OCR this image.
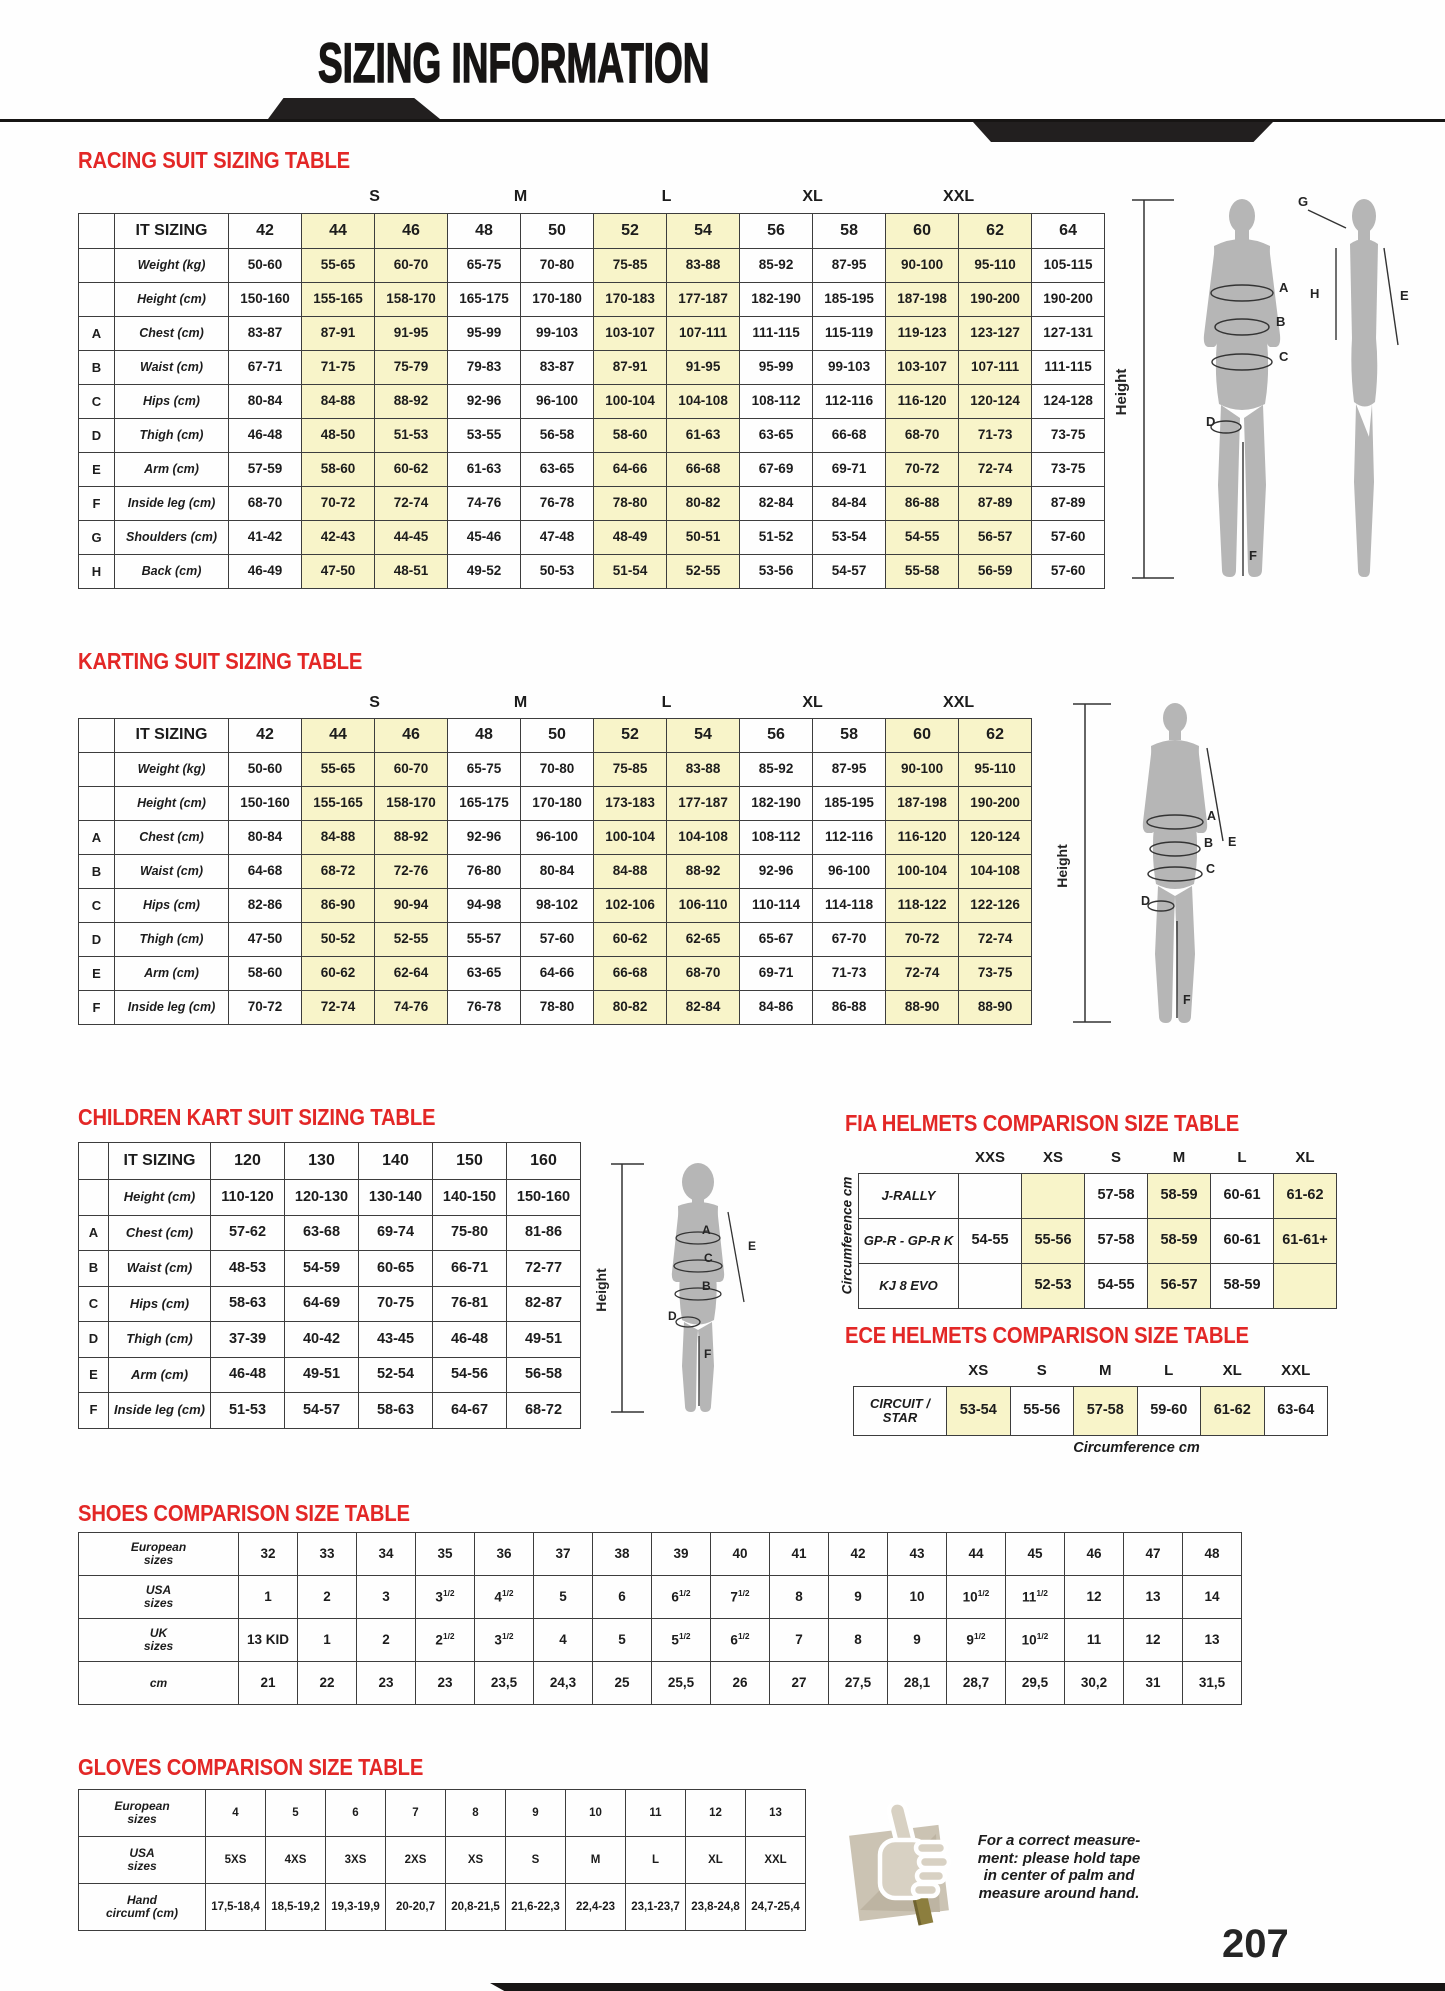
SIZING INFORMATION
RACING SUIT SIZING TABLE
			S		M		L		XL		XXL		
	IT SIZING	42	44	46	48	50	52	54	56	58	60	62	64
	Weight (kg)	50-60	55-65	60-70	65-75	70-80	75-85	83-88	85-92	87-95	90-100	95-110	105-115
	Height (cm)	150-160	155-165	158-170	165-175	170-180	170-183	177-187	182-190	185-195	187-198	190-200	190-200
A	Chest (cm)	83-87	87-91	91-95	95-99	99-103	103-107	107-111	111-115	115-119	119-123	123-127	127-131
B	Waist (cm)	67-71	71-75	75-79	79-83	83-87	87-91	91-95	95-99	99-103	103-107	107-111	111-115
C	Hips (cm)	80-84	84-88	88-92	92-96	96-100	100-104	104-108	108-112	112-116	116-120	120-124	124-128
D	Thigh (cm)	46-48	48-50	51-53	53-55	56-58	58-60	61-63	63-65	66-68	68-70	71-73	73-75
E	Arm (cm)	57-59	58-60	60-62	61-63	63-65	64-66	66-68	67-69	69-71	70-72	72-74	73-75
F	Inside leg (cm)	68-70	70-72	72-74	74-76	76-78	78-80	80-82	82-84	84-84	86-88	87-89	87-89
G	Shoulders (cm)	41-42	42-43	44-45	45-46	47-48	48-49	50-51	51-52	53-54	54-55	56-57	57-60
H	Back (cm)	46-49	47-50	48-51	49-52	50-53	51-54	52-55	53-56	54-57	55-58	56-59	57-60
Height
A
B
C
D
F
G
H	E
KARTING SUIT SIZING TABLE
			S		M		L		XL		XXL	
	IT SIZING	42	44	46	48	50	52	54	56	58	60	62
	Weight (kg)	50-60	55-65	60-70	65-75	70-80	75-85	83-88	85-92	87-95	90-100	95-110
	Height (cm)	150-160	155-165	158-170	165-175	170-180	173-183	177-187	182-190	185-195	187-198	190-200
A	Chest (cm)	80-84	84-88	88-92	92-96	96-100	100-104	104-108	108-112	112-116	116-120	120-124
B	Waist (cm)	64-68	68-72	72-76	76-80	80-84	84-88	88-92	92-96	96-100	100-104	104-108
C	Hips (cm)	82-86	86-90	90-94	94-98	98-102	102-106	106-110	110-114	114-118	118-122	122-126
D	Thigh (cm)	47-50	50-52	52-55	55-57	57-60	60-62	62-65	65-67	67-70	70-72	72-74
E	Arm (cm)	58-60	60-62	62-64	63-65	64-66	66-68	68-70	69-71	71-73	72-74	73-75
F	Inside leg (cm)	70-72	72-74	74-76	76-78	78-80	80-82	82-84	84-86	86-88	88-90	88-90
Height
A
B
C
D
E
F
CHILDREN KART SUIT SIZING TABLE
	IT SIZING	120	130	140	150	160
	Height (cm)	110-120	120-130	130-140	140-150	150-160
A	Chest (cm)	57-62	63-68	69-74	75-80	81-86
B	Waist (cm)	48-53	54-59	60-65	66-71	72-77
C	Hips (cm)	58-63	64-69	70-75	76-81	82-87
D	Thigh (cm)	37-39	40-42	43-45	46-48	49-51
E	Arm (cm)	46-48	49-51	52-54	54-56	56-58
F	Inside leg (cm)	51-53	54-57	58-63	64-67	68-72
Height
A
C
B
D
E
F
FIA HELMETS COMPARISON SIZE TABLE
Circumference cm
	XXS	XS	S	M	L	XL
J-RALLY			57-58	58-59	60-61	61-62
GP-R - GP-R K	54-55	55-56	57-58	58-59	60-61	61-61+
KJ 8 EVO		52-53	54-55	56-57	58-59	
ECE HELMETS COMPARISON SIZE TABLE
	XS	S	M	L	XL	XXL
CIRCUIT /
STAR	53-54	55-56	57-58	59-60	61-62	63-64
Circumference cm
SHOES COMPARISON SIZE TABLE
European
sizes	32	33	34	35	36	37	38	39	40	41	42	43	44	45	46	47	48
USA
sizes	1	2	3	$3^{1/2}$	$4^{1/2}$	5	6	$6^{1/2}$	$7^{1/2}$	8	9	10	$10^{1/2}$	$11^{1/2}$	12	13	14
UK
sizes	13 KID	1	2	$2^{1/2}$	$3^{1/2}$	4	5	$5^{1/2}$	$6^{1/2}$	7	8	9	$9^{1/2}$	$10^{1/2}$	11	12	13
cm	21	22	23	23	23,5	24,3	25	25,5	26	27	27,5	28,1	28,7	29,5	30,2	31	31,5
GLOVES COMPARISON SIZE TABLE
European
sizes	4	5	6	7	8	9	10	11	12	13
USA
sizes	5XS	4XS	3XS	2XS	XS	S	M	L	XL	XXL
Hand
circumf (cm)	17,5-18,4	18,5-19,2	19,3-19,9	20-20,7	20,8-21,5	21,6-22,3	22,4-23	23,1-23,7	23,8-24,8	24,7-25,4
For a correct measure-
ment: please hold tape
in center of palm and
measure around hand.
207
